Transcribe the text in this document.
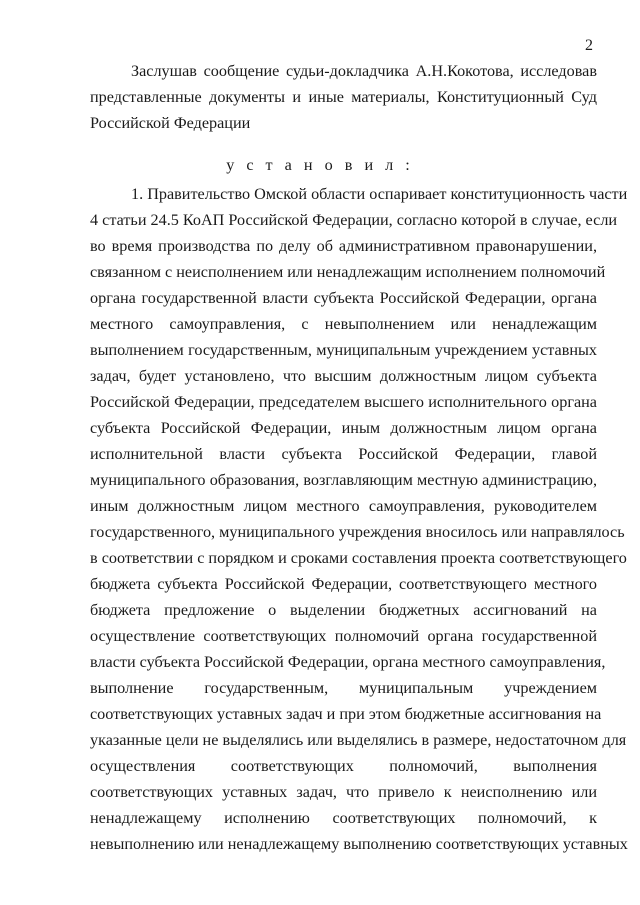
2
Заслушав сообщение судьи-докладчика А.Н.Кокотова, исследовав
представленные документы и иные материалы, Конституционный Суд
Российской Федерации
у с т а н о в и л :
1. Правительство Омской области оспаривает конституционность части
4 статьи 24.5 КоАП Российской Федерации, согласно которой в случае, если
во время производства по делу об административном правонарушении,
связанном с неисполнением или ненадлежащим исполнением полномочий
органа государственной власти субъекта Российской Федерации, органа
местного самоуправления, с невыполнением или ненадлежащим
выполнением государственным, муниципальным учреждением уставных
задач, будет установлено, что высшим должностным лицом субъекта
Российской Федерации, председателем высшего исполнительного органа
субъекта Российской Федерации, иным должностным лицом органа
исполнительной власти субъекта Российской Федерации, главой
муниципального образования, возглавляющим местную администрацию,
иным должностным лицом местного самоуправления, руководителем
государственного, муниципального учреждения вносилось или направлялось
в соответствии с порядком и сроками составления проекта соответствующего
бюджета субъекта Российской Федерации, соответствующего местного
бюджета предложение о выделении бюджетных ассигнований на
осуществление соответствующих полномочий органа государственной
власти субъекта Российской Федерации, органа местного самоуправления,
выполнение государственным, муниципальным учреждением
соответствующих уставных задач и при этом бюджетные ассигнования на
указанные цели не выделялись или выделялись в размере, недостаточном для
осуществления соответствующих полномочий, выполнения
соответствующих уставных задач, что привело к неисполнению или
ненадлежащему исполнению соответствующих полномочий, к
невыполнению или ненадлежащему выполнению соответствующих уставных
